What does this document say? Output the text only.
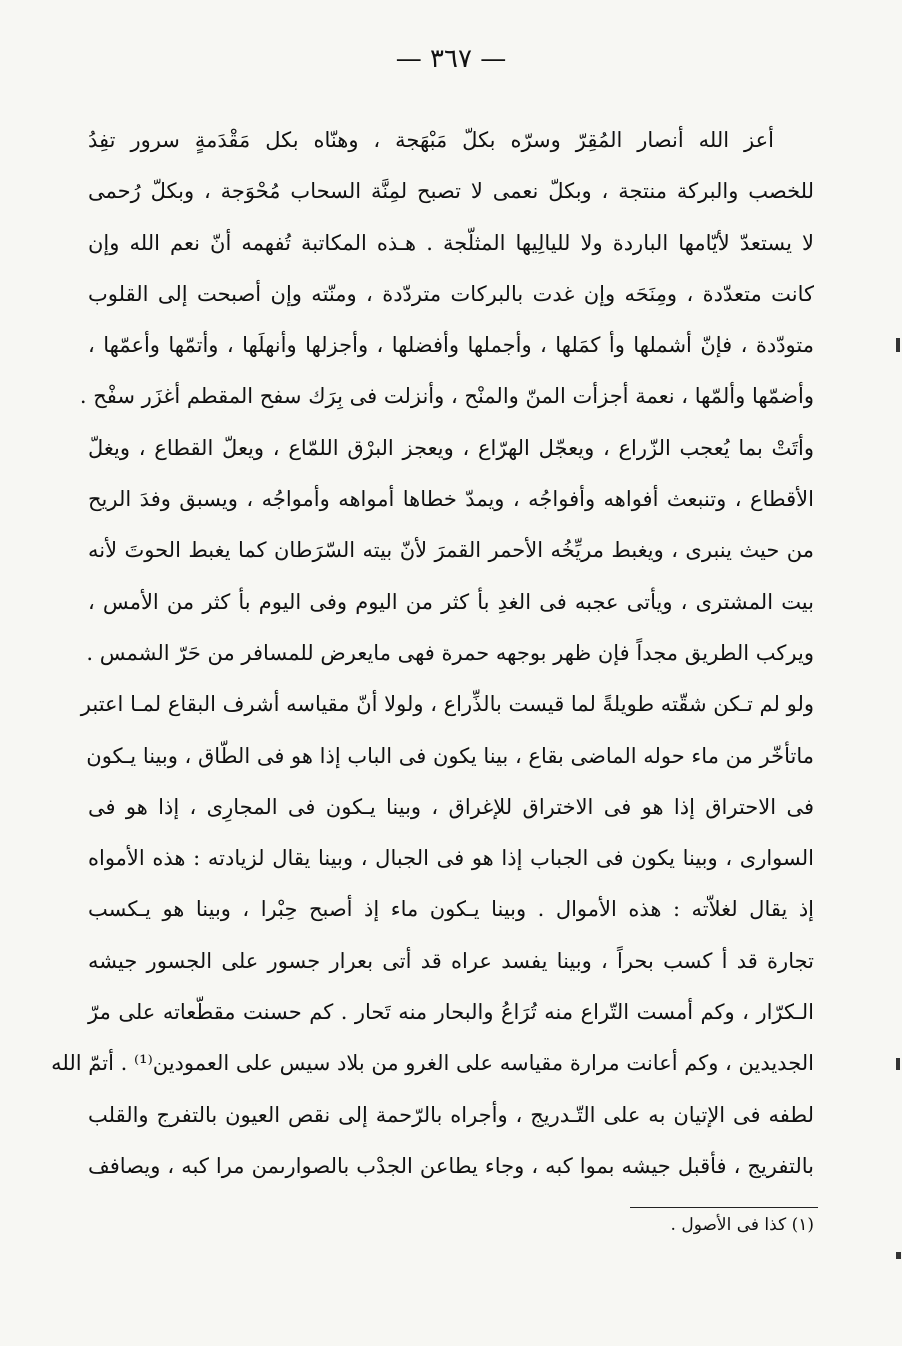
— ٣٦٧ —
أعز الله أنصار المُقِرّ وسرّه بكلّ مَبْهَجة ، وهنّاه بكل مَقْدَمةٍ سرور تفِدُ
للخصب والبركة منتجة ، وبكلّ نعمى لا تصبح لمِنَّة السحاب مُحْوَجة ، وبكلّ رُحمى
لا يستعدّ لأيّامها الباردة ولا لليالِيها المثلّجة . هـذه المكاتبة تُفهمه أنّ نعم الله وإن
كانت متعدّدة ، ومِنَحَه وإن غدت بالبركات متردّدة ، ومنّته وإن أصبحت إلى القلوب
متودّدة ، فإنّ أشملها وأ كمَلها ، وأجملها وأفضلها ، وأجزلها وأنهلَها ، وأتمّها وأعمّها ،
وأضمّها وألمّها ، نعمة أجزأت المنّ والمنْح ، وأنزلت فى بِرَك سفح المقطم أغزَر سفْح .
وأتَتْ بما يُعجب الزّراع ، ويعجّل الهرّاع ، ويعجز البرْق اللمّاع ، ويعلّ القطاع ، ويغلّ
الأقطاع ، وتنبعث أفواهه وأفواجُه ، ويمدّ خطاها أمواهه وأمواجُه ، ويسبق وفدَ الريح
من حيث ينبرى ، ويغبط مريِّخُه الأحمر القمرَ لأنّ بيته السّرَطان كما يغبط الحوتَ لأنه
بيت المشترى ، ويأتى عجبه فى الغدِ بأ كثر من اليوم وفى اليوم بأ كثر من الأمس ،
ويركب الطريق مجداً فإن ظهر بوجهه حمرة فهى مايعرض للمسافر من حَرّ الشمس .
ولو لم تـكن شقّته طويلةً لما قيست بالذِّراع ، ولولا أنّ مقياسه أشرف البقاع لمـا اعتبر
ماتأخّر من ماء حوله الماضى بقاع ، بينا يكون فى الباب إذا هو فى الطّاق ، وبينا يـكون
فى الاحتراق إذا هو فى الاختراق للإغراق ، وبينا يـكون فى المجارِى ، إذا هو فى
السوارى ، وبينا يكون فى الجباب إذا هو فى الجبال ، وبينا يقال لزيادته : هذه الأمواه
إذ يقال لغلاّته : هذه الأموال . وبينا يـكون ماء إذ أصبح حِبْرا ، وبينا هو يـكسب
تجارة قد أ كسب بحراً ، وبينا يفسد عراه قد أتى بعرار جسور على الجسور جيشه
الـكرّار ، وكم أمست التّراع منه تُرَاعُ والبحار منه تَحار . كم حسنت مقطّعاته على مرّ
الجديدين ، وكم أعانت مرارة مقياسه على الغرو من بلاد سيس على العمودين⁽¹⁾ . أتمّ الله
لطفه فى الإتيان به على التّـدريج ، وأجراه بالرّحمة إلى نقص العيون بالتفرج والقلب
بالتفريج ، فأقبل جيشه بموا كبه ، وجاء يطاعن الجدْب بالصوارىمن مرا كبه ، ويصافف
(١) كذا فى الأصول .
